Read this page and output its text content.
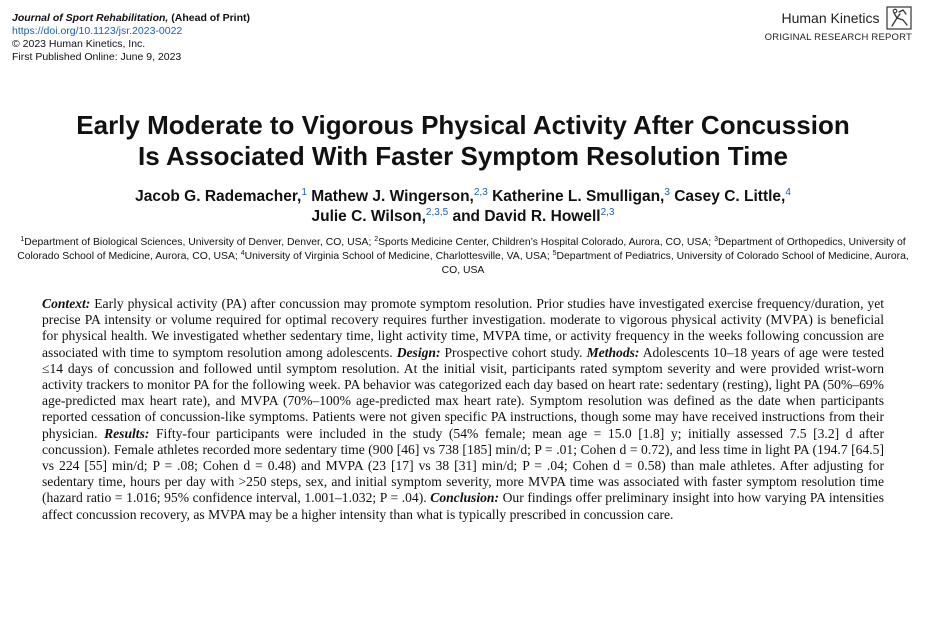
Journal of Sport Rehabilitation, (Ahead of Print)
https://doi.org/10.1123/jsr.2023-0022
© 2023 Human Kinetics, Inc.
First Published Online: June 9, 2023
Human Kinetics
ORIGINAL RESEARCH REPORT
Early Moderate to Vigorous Physical Activity After Concussion
Is Associated With Faster Symptom Resolution Time
Jacob G. Rademacher,$^1$ Mathew J. Wingerson,$^{2,3}$ Katherine L. Smulligan,$^3$ Casey C. Little,$^4$
Julie C. Wilson,$^{2,3,5}$ and David R. Howell$^{2,3}$
$^1$Department of Biological Sciences, University of Denver, Denver, CO, USA; $^2$Sports Medicine Center, Children’s Hospital Colorado, Aurora, CO, USA; $^3$Department of Orthopedics, University of Colorado School of Medicine, Aurora, CO, USA; $^4$University of Virginia School of Medicine, Charlottesville, VA, USA; $^5$Department of Pediatrics, University of Colorado School of Medicine, Aurora, CO, USA
Context: Early physical activity (PA) after concussion may promote symptom resolution. Prior studies have investigated exercise frequency/duration, yet precise PA intensity or volume required for optimal recovery requires further investigation. moderate to vigorous physical activity (MVPA) is beneficial for physical health. We investigated whether sedentary time, light activity time, MVPA time, or activity frequency in the weeks following concussion are associated with time to symptom resolution among adolescents. Design: Prospective cohort study. Methods: Adolescents 10–18 years of age were tested ≤14 days of concussion and followed until symptom resolution. At the initial visit, participants rated symptom severity and were provided wrist-worn activity trackers to monitor PA for the following week. PA behavior was categorized each day based on heart rate: sedentary (resting), light PA (50%–69% age-predicted max heart rate), and MVPA (70%–100% age-predicted max heart rate). Symptom resolution was defined as the date when participants reported cessation of concussion-like symptoms. Patients were not given specific PA instructions, though some may have received instructions from their physician. Results: Fifty-four participants were included in the study (54% female; mean age = 15.0 [1.8] y; initially assessed 7.5 [3.2] d after concussion). Female athletes recorded more sedentary time (900 [46] vs 738 [185] min/d; P = .01; Cohen d = 0.72), and less time in light PA (194.7 [64.5] vs 224 [55] min/d; P = .08; Cohen d = 0.48) and MVPA (23 [17] vs 38 [31] min/d; P = .04; Cohen d = 0.58) than male athletes. After adjusting for sedentary time, hours per day with >250 steps, sex, and initial symptom severity, more MVPA time was associated with faster symptom resolution time (hazard ratio = 1.016; 95% confidence interval, 1.001–1.032; P = .04). Conclusion: Our findings offer preliminary insight into how varying PA intensities affect concussion recovery, as MVPA may be a higher intensity than what is typically prescribed in concussion care.
